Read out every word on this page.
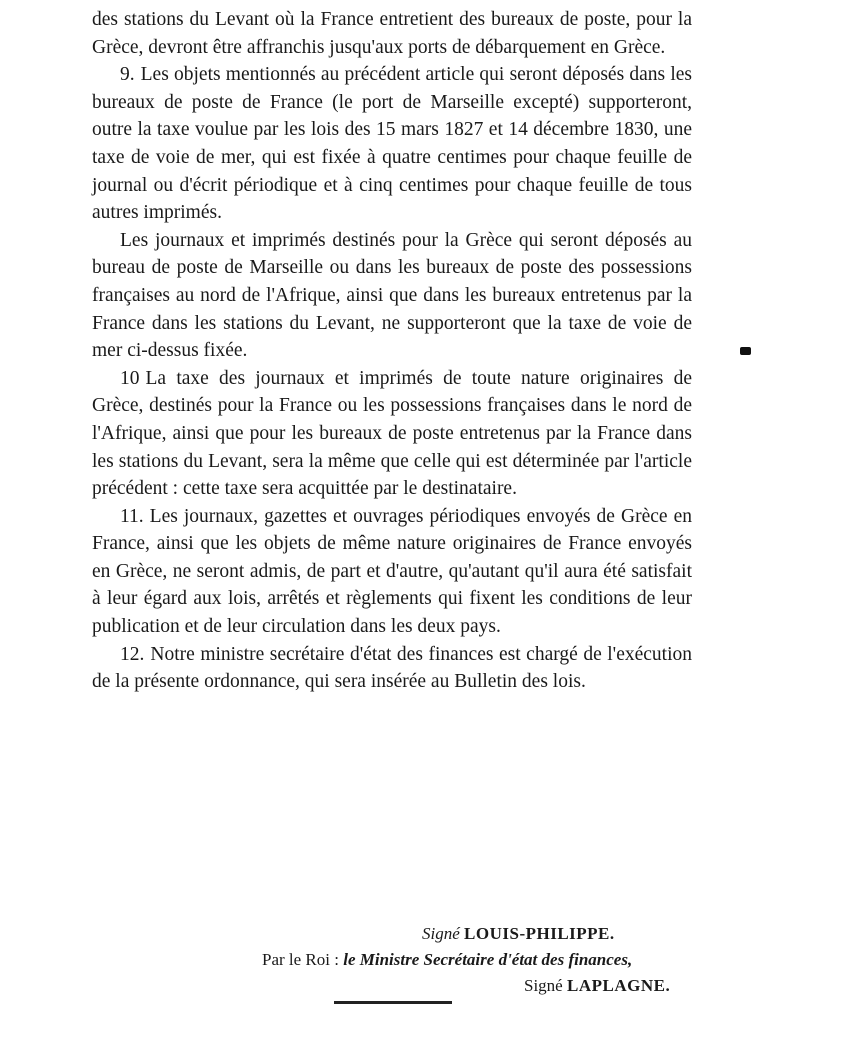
des stations du Levant où la France entretient des bureaux de poste, pour la Grèce, devront être affranchis jusqu'aux ports de débarquement en Grèce.

9. Les objets mentionnés au précédent article qui seront déposés dans les bureaux de poste de France (le port de Marseille excepté) supporteront, outre la taxe voulue par les lois des 15 mars 1827 et 14 décembre 1830, une taxe de voie de mer, qui est fixée à quatre centimes pour chaque feuille de journal ou d'écrit périodique et à cinq centimes pour chaque feuille de tous autres imprimés.

Les journaux et imprimés destinés pour la Grèce qui seront déposés au bureau de poste de Marseille ou dans les bureaux de poste des possessions françaises au nord de l'Afrique, ainsi que dans les bureaux entretenus par la France dans les stations du Levant, ne supporteront que la taxe de voie de mer ci-dessus fixée.

10 La taxe des journaux et imprimés de toute nature originaires de Grèce, destinés pour la France ou les possessions françaises dans le nord de l'Afrique, ainsi que pour les bureaux de poste entretenus par la France dans les stations du Levant, sera la même que celle qui est déterminée par l'article précédent : cette taxe sera acquittée par le destinataire.

11. Les journaux, gazettes et ouvrages périodiques envoyés de Grèce en France, ainsi que les objets de même nature originaires de France envoyés en Grèce, ne seront admis, de part et d'autre, qu'autant qu'il aura été satisfait à leur égard aux lois, arrêtés et règlements qui fixent les conditions de leur publication et de leur circulation dans les deux pays.

12. Notre ministre secrétaire d'état des finances est chargé de l'exécution de la présente ordonnance, qui sera insérée au Bulletin des lois.

Signé LOUIS-PHILIPPE.
Par le Roi : le Ministre Secrétaire d'état des finances,
Signé LAPLAGNE.
